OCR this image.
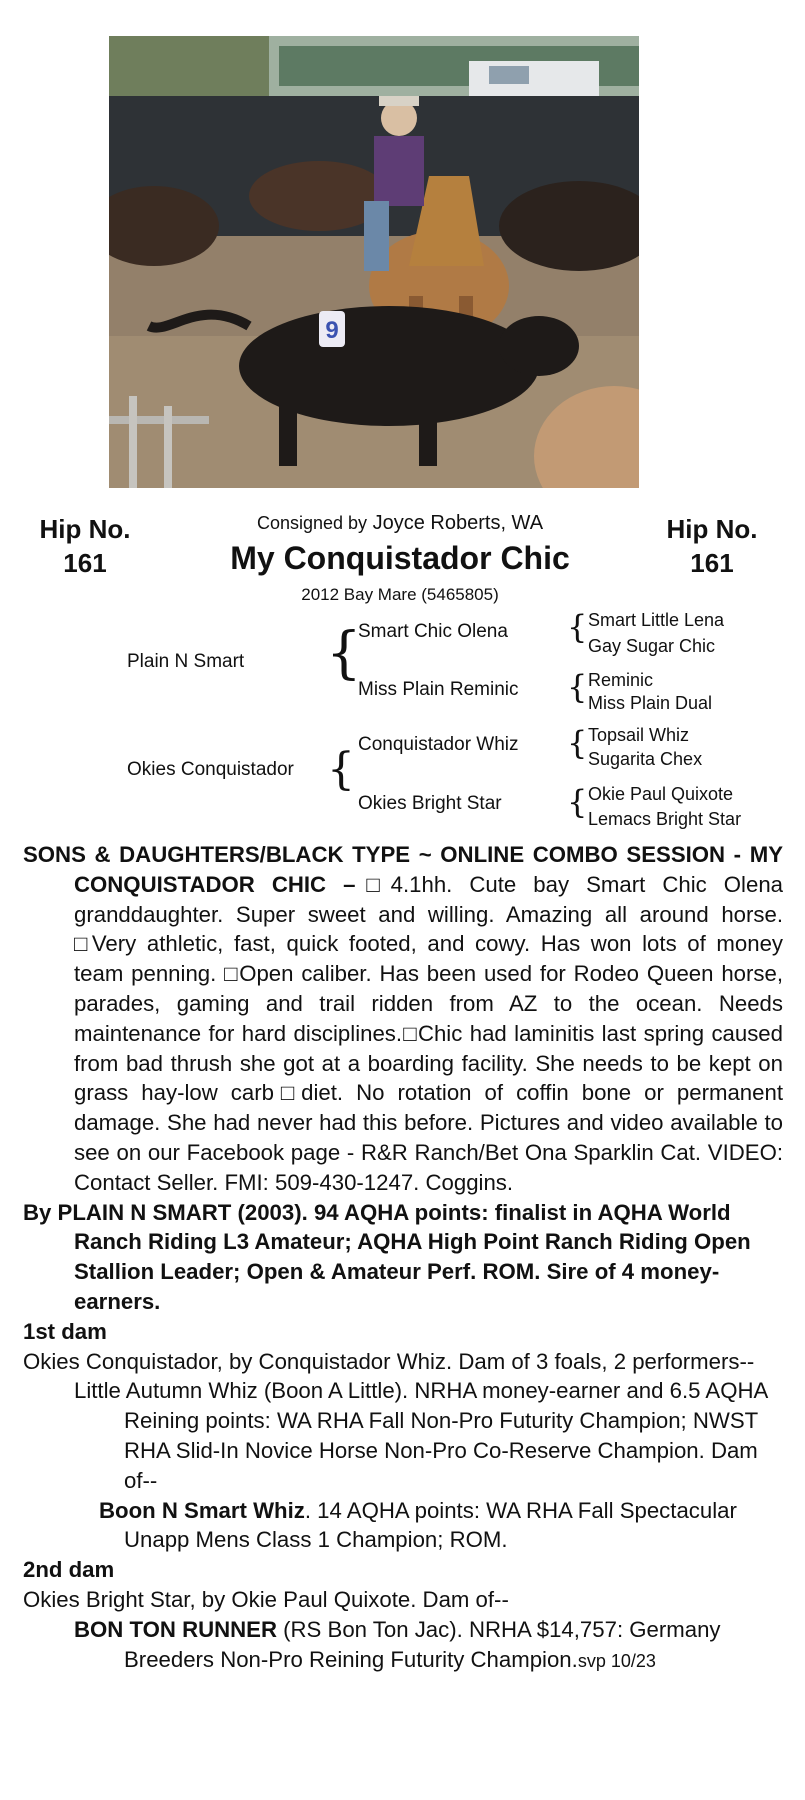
9
Hip No.
161
Hip No.
161
Consigned by Joyce Roberts, WA
My Conquistador Chic
2012 Bay Mare (5465805)
Plain N Smart {
Smart Chic Olena
Miss Plain Reminic
{ Smart Little Lena
Gay Sugar Chic
{ Reminic
Miss Plain Dual
Okies Conquistador { Conquistador Whiz
Okies Bright Star
{ Topsail Whiz
Sugarita Chex
{ Okie Paul Quixote
Lemacs Bright Star

SONS & DAUGHTERS/BLACK TYPE ~ ONLINE COMBO SESSION - MY CONQUISTADOR CHIC –□4.1hh. Cute bay Smart Chic Olena granddaughter. Super sweet and willing. Amazing all around horse. □Very athletic, fast, quick footed, and cowy. Has won lots of money team penning. □Open caliber. Has been used for Rodeo Queen horse, parades, gaming and trail ridden from AZ to the ocean. Needs maintenance for hard disciplines.□Chic had laminitis last spring caused from bad thrush she got at a boarding facility. She needs to be kept on grass hay-low carb□diet. No rotation of coffin bone or permanent damage. She had never had this before. Pictures and video available to see on our Facebook page - R&R Ranch/Bet Ona Sparklin Cat. VIDEO: Contact Seller. FMI: 509-430-1247. Coggins.

By PLAIN N SMART (2003). 94 AQHA points: finalist in AQHA World Ranch Riding L3 Amateur; AQHA High Point Ranch Riding Open Stallion Leader; Open & Amateur Perf. ROM. Sire of 4 money-earners.

1st dam

Okies Conquistador, by Conquistador Whiz. Dam of 3 foals, 2 performers--

Little Autumn Whiz (Boon A Little). NRHA money-earner and 6.5 AQHA Reining points: WA RHA Fall Non-Pro Futurity Champion; NWST RHA Slid-In Novice Horse Non-Pro Co-Reserve Champion. Dam of--

Boon N Smart Whiz. 14 AQHA points: WA RHA Fall Spectacular Unapp Mens Class 1 Champion; ROM.

2nd dam

Okies Bright Star, by Okie Paul Quixote. Dam of--

BON TON RUNNER (RS Bon Ton Jac). NRHA $14,757: Germany Breeders Non-Pro Reining Futurity Champion.svp 10/23
